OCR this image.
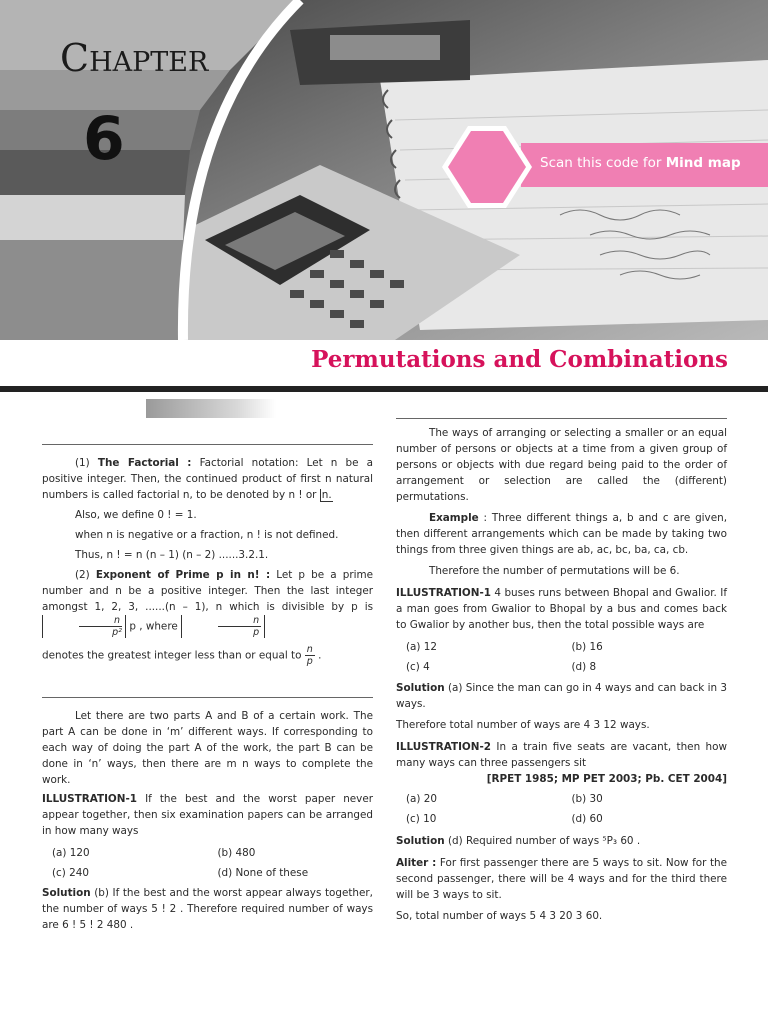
Chapter
6	Scan this code for Mind map
Permutations and Combinations

(1) The Factorial : Factorial notation: Let n be a positive integer. Then, the continued product of first n natural numbers is called factorial n, to be denoted by n ! or n.

Also, we define 0 ! = 1.

when n is negative or a fraction, n ! is not defined.

Thus, n ! = n (n – 1) (n – 2) ......3.2.1.

(2) Exponent of Prime p in n! : Let p be a prime number and n be a positive integer. Then the last integer amongst 1, 2, 3, ......(n – 1), n which is divisible by p is
$\frac{n}{\text{p²}}$ p , where	$\frac{n}{p}$

denotes the greatest integer less than or equal to $\frac{n}{p}$ .

Let there are two parts A and B of a certain work. The part A can be done in ‘m’ different ways. If corresponding to each way of doing the part A of the work, the part B can be done in ‘n’ ways, then there are m n ways to complete the work.

ILLUSTRATION-1 If the best and the worst paper never appear together, then six examination papers can be arranged in how many ways

(a) 120	(b) 480
(c) 240	(d) None of these

Solution (b) If the best and the worst appear always together, the number of ways 5 ! 2 . Therefore required number of ways are 6 ! 5 ! 2 480 .

The ways of arranging or selecting a smaller or an equal number of persons or objects at a time from a given group of persons or objects with due regard being paid to the order of arrangement or selection are called the (different) permutations.

Example : Three different things a, b and c are given, then different arrangements which can be made by taking two things from three given things are ab, ac, bc, ba, ca, cb.

Therefore the number of permutations will be 6.

ILLUSTRATION-1 4 buses runs between Bhopal and Gwalior. If a man goes from Gwalior to Bhopal by a bus and comes back to Gwalior by another bus, then the total possible ways are

(a) 12	(b) 16
(c) 4	(d) 8

Solution (a) Since the man can go in 4 ways and can back in 3 ways.

Therefore total number of ways are 4 3 12 ways.

ILLUSTRATION-2 In a train five seats are vacant, then how many ways can three passengers sit

[RPET 1985; MP PET 2003; Pb. CET 2004]

(a) 20	(b) 30
(c) 10	(d) 60

Solution (d) Required number of ways ⁵P₃ 60 .

Aliter : For first passenger there are 5 ways to sit. Now for the second passenger, there will be 4 ways and for the third there will be 3 ways to sit.

So, total number of ways 5 4 3 20 3 60.
